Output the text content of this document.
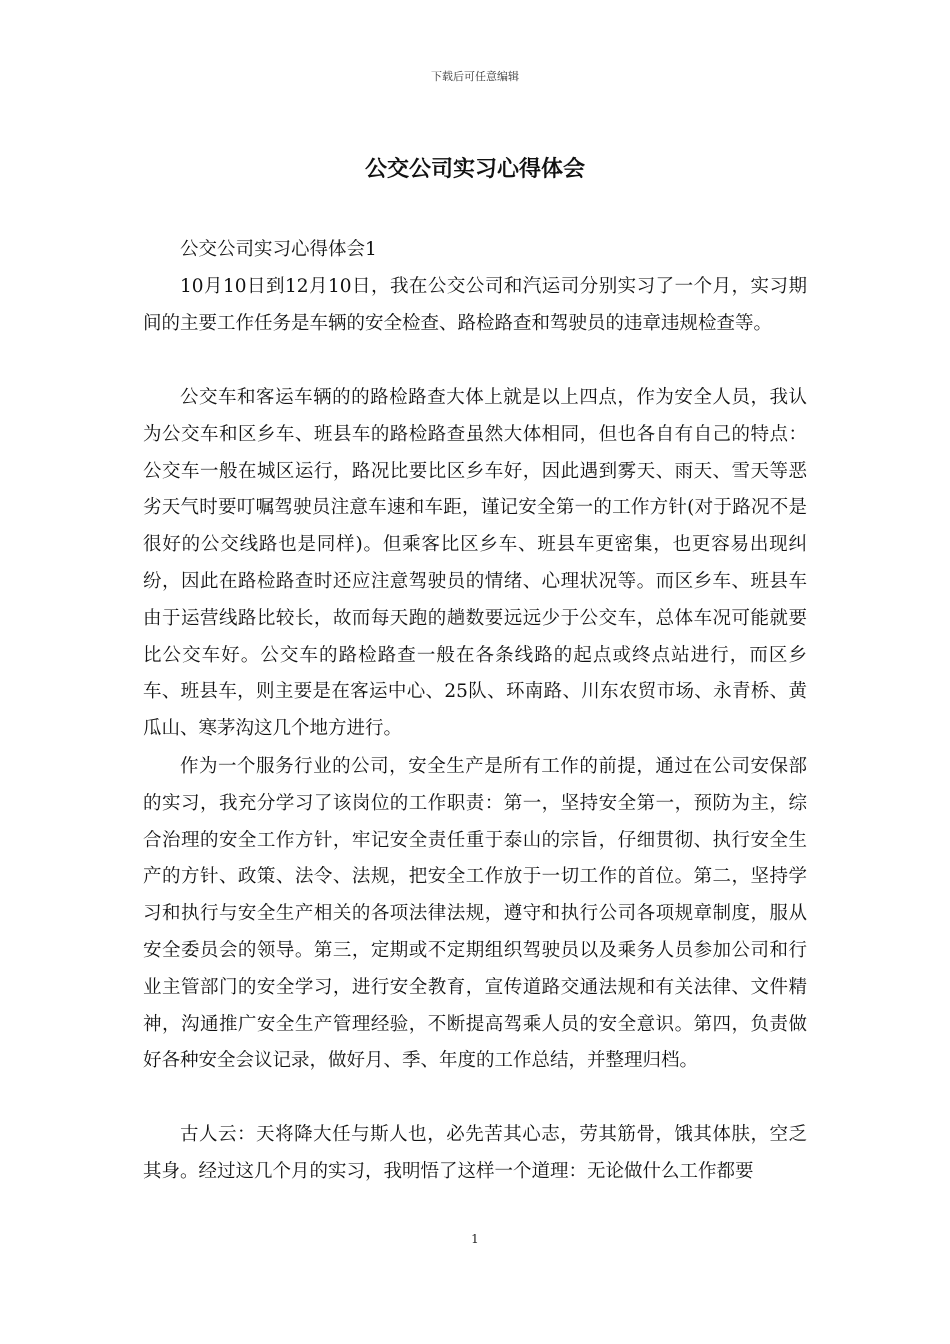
下载后可任意编辑
公交公司实习心得体会

公交公司实习心得体会1

10月10日到12月10日，我在公交公司和汽运司分别实习了一个月，实习期间的主要工作任务是车辆的安全检查、路检路查和驾驶员的违章违规检查等。

公交车和客运车辆的的路检路查大体上就是以上四点，作为安全人员，我认为公交车和区乡车、班县车的路检路查虽然大体相同，但也各自有自己的特点：公交车一般在城区运行，路况比要比区乡车好，因此遇到雾天、雨天、雪天等恶劣天气时要叮嘱驾驶员注意车速和车距，谨记安全第一的工作方针(对于路况不是很好的公交线路也是同样)。但乘客比区乡车、班县车更密集，也更容易出现纠纷，因此在路检路查时还应注意驾驶员的情绪、心理状况等。而区乡车、班县车由于运营线路比较长，故而每天跑的趟数要远远少于公交车，总体车况可能就要比公交车好。公交车的路检路查一般在各条线路的起点或终点站进行，而区乡车、班县车，则主要是在客运中心、25队、环南路、川东农贸市场、永青桥、黄瓜山、寒茅沟这几个地方进行。

作为一个服务行业的公司，安全生产是所有工作的前提，通过在公司安保部的实习，我充分学习了该岗位的工作职责：第一，坚持安全第一，预防为主，综合治理的安全工作方针，牢记安全责任重于泰山的宗旨，仔细贯彻、执行安全生产的方针、政策、法令、法规，把安全工作放于一切工作的首位。第二，坚持学习和执行与安全生产相关的各项法律法规，遵守和执行公司各项规章制度，服从安全委员会的领导。第三，定期或不定期组织驾驶员以及乘务人员参加公司和行业主管部门的安全学习，进行安全教育，宣传道路交通法规和有关法律、文件精神，沟通推广安全生产管理经验，不断提高驾乘人员的安全意识。第四，负责做好各种安全会议记录，做好月、季、年度的工作总结，并整理归档。

古人云：天将降大任与斯人也，必先苦其心志，劳其筋骨，饿其体肤，空乏其身。经过这几个月的实习，我明悟了这样一个道理：无论做什么工作都要

1
